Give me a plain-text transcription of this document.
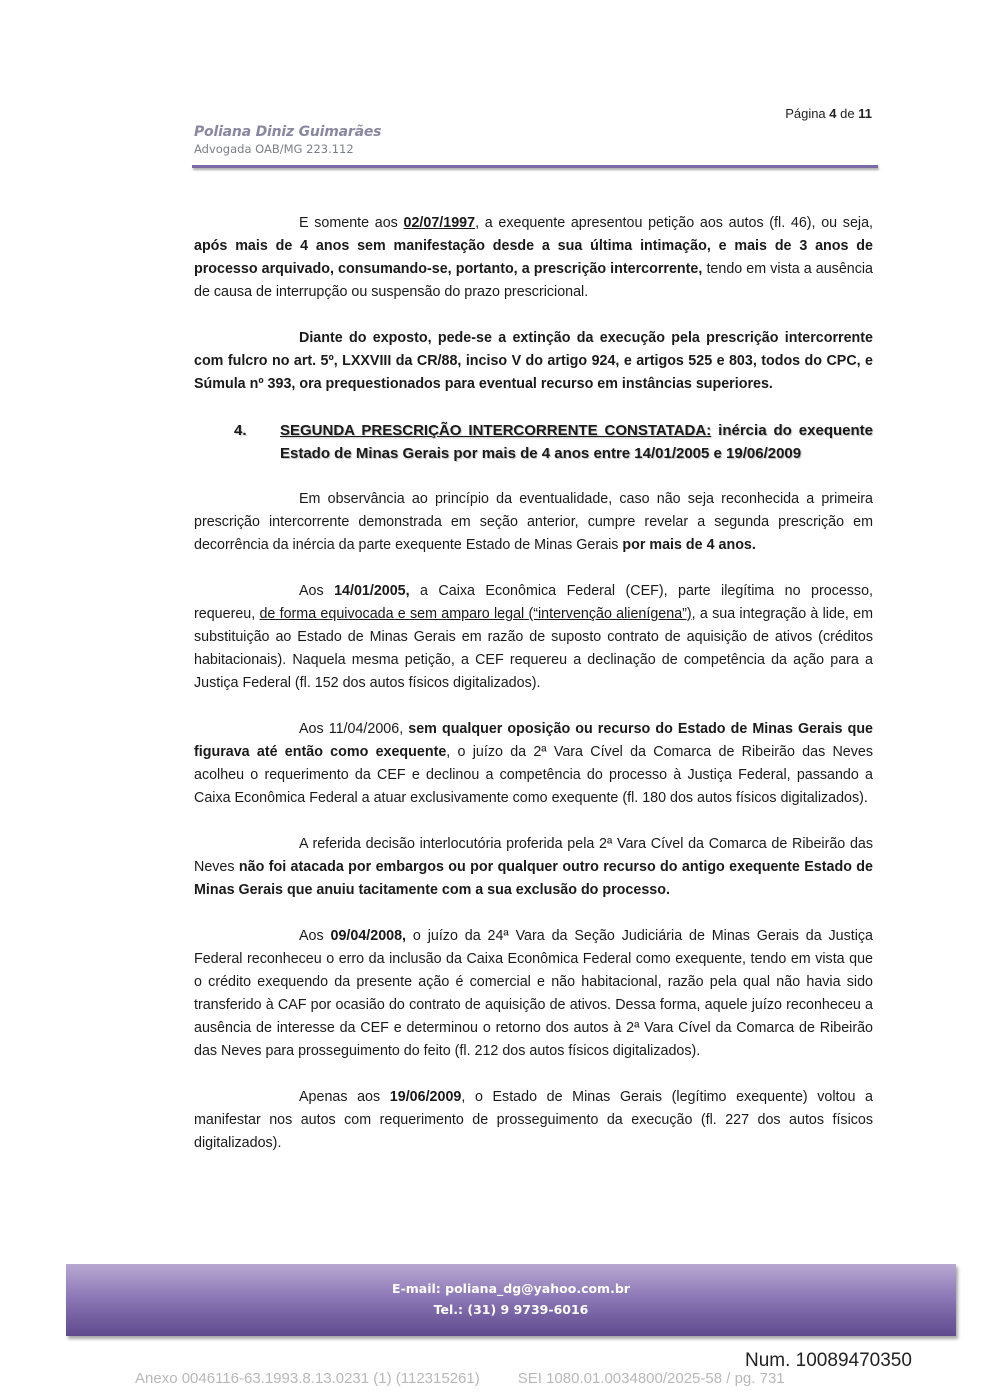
Página 4 de 11
Poliana Diniz Guimarães
Advogada OAB/MG 223.112

E somente aos 02/07/1997, a exequente apresentou petição aos autos (fl. 46), ou seja, após mais de 4 anos sem manifestação desde a sua última intimação, e mais de 3 anos de processo arquivado, consumando-se, portanto, a prescrição intercorrente, tendo em vista a ausência de causa de interrupção ou suspensão do prazo prescricional.

Diante do exposto, pede-se a extinção da execução pela prescrição intercorrente com fulcro no art. 5º, LXXVIII da CR/88, inciso V do artigo 924, e artigos 525 e 803, todos do CPC, e Súmula nº 393, ora prequestionados para eventual recurso em instâncias superiores.

4.	SEGUNDA PRESCRIÇÃO INTERCORRENTE CONSTATADA: inércia do exequente Estado de Minas Gerais por mais de 4 anos entre 14/01/2005 e 19/06/2009

Em observância ao princípio da eventualidade, caso não seja reconhecida a primeira prescrição intercorrente demonstrada em seção anterior, cumpre revelar a segunda prescrição em decorrência da inércia da parte exequente Estado de Minas Gerais por mais de 4 anos.

Aos 14/01/2005, a Caixa Econômica Federal (CEF), parte ilegítima no processo, requereu, de forma equivocada e sem amparo legal (“intervenção alienígena”), a sua integração à lide, em substituição ao Estado de Minas Gerais em razão de suposto contrato de aquisição de ativos (créditos habitacionais). Naquela mesma petição, a CEF requereu a declinação de competência da ação para a Justiça Federal (fl. 152 dos autos físicos digitalizados).

Aos 11/04/2006, sem qualquer oposição ou recurso do Estado de Minas Gerais que figurava até então como exequente, o juízo da 2ª Vara Cível da Comarca de Ribeirão das Neves acolheu o requerimento da CEF e declinou a competência do processo à Justiça Federal, passando a Caixa Econômica Federal a atuar exclusivamente como exequente (fl. 180 dos autos físicos digitalizados).

A referida decisão interlocutória proferida pela 2ª Vara Cível da Comarca de Ribeirão das Neves não foi atacada por embargos ou por qualquer outro recurso do antigo exequente Estado de Minas Gerais que anuiu tacitamente com a sua exclusão do processo.

Aos 09/04/2008, o juízo da 24ª Vara da Seção Judiciária de Minas Gerais da Justiça Federal reconheceu o erro da inclusão da Caixa Econômica Federal como exequente, tendo em vista que o crédito exequendo da presente ação é comercial e não habitacional, razão pela qual não havia sido transferido à CAF por ocasião do contrato de aquisição de ativos. Dessa forma, aquele juízo reconheceu a ausência de interesse da CEF e determinou o retorno dos autos à 2ª Vara Cível da Comarca de Ribeirão das Neves para prosseguimento do feito (fl. 212 dos autos físicos digitalizados).

Apenas aos 19/06/2009, o Estado de Minas Gerais (legítimo exequente) voltou a manifestar nos autos com requerimento de prosseguimento da execução (fl. 227 dos autos físicos digitalizados).

E-mail: poliana_dg@yahoo.com.br
Tel.: (31) 9 9739-6016
Num. 10089470350
Anexo 0046116-63.1993.8.13.0231 (1) (112315261)	SEI 1080.01.0034800/2025-58 / pg. 731
